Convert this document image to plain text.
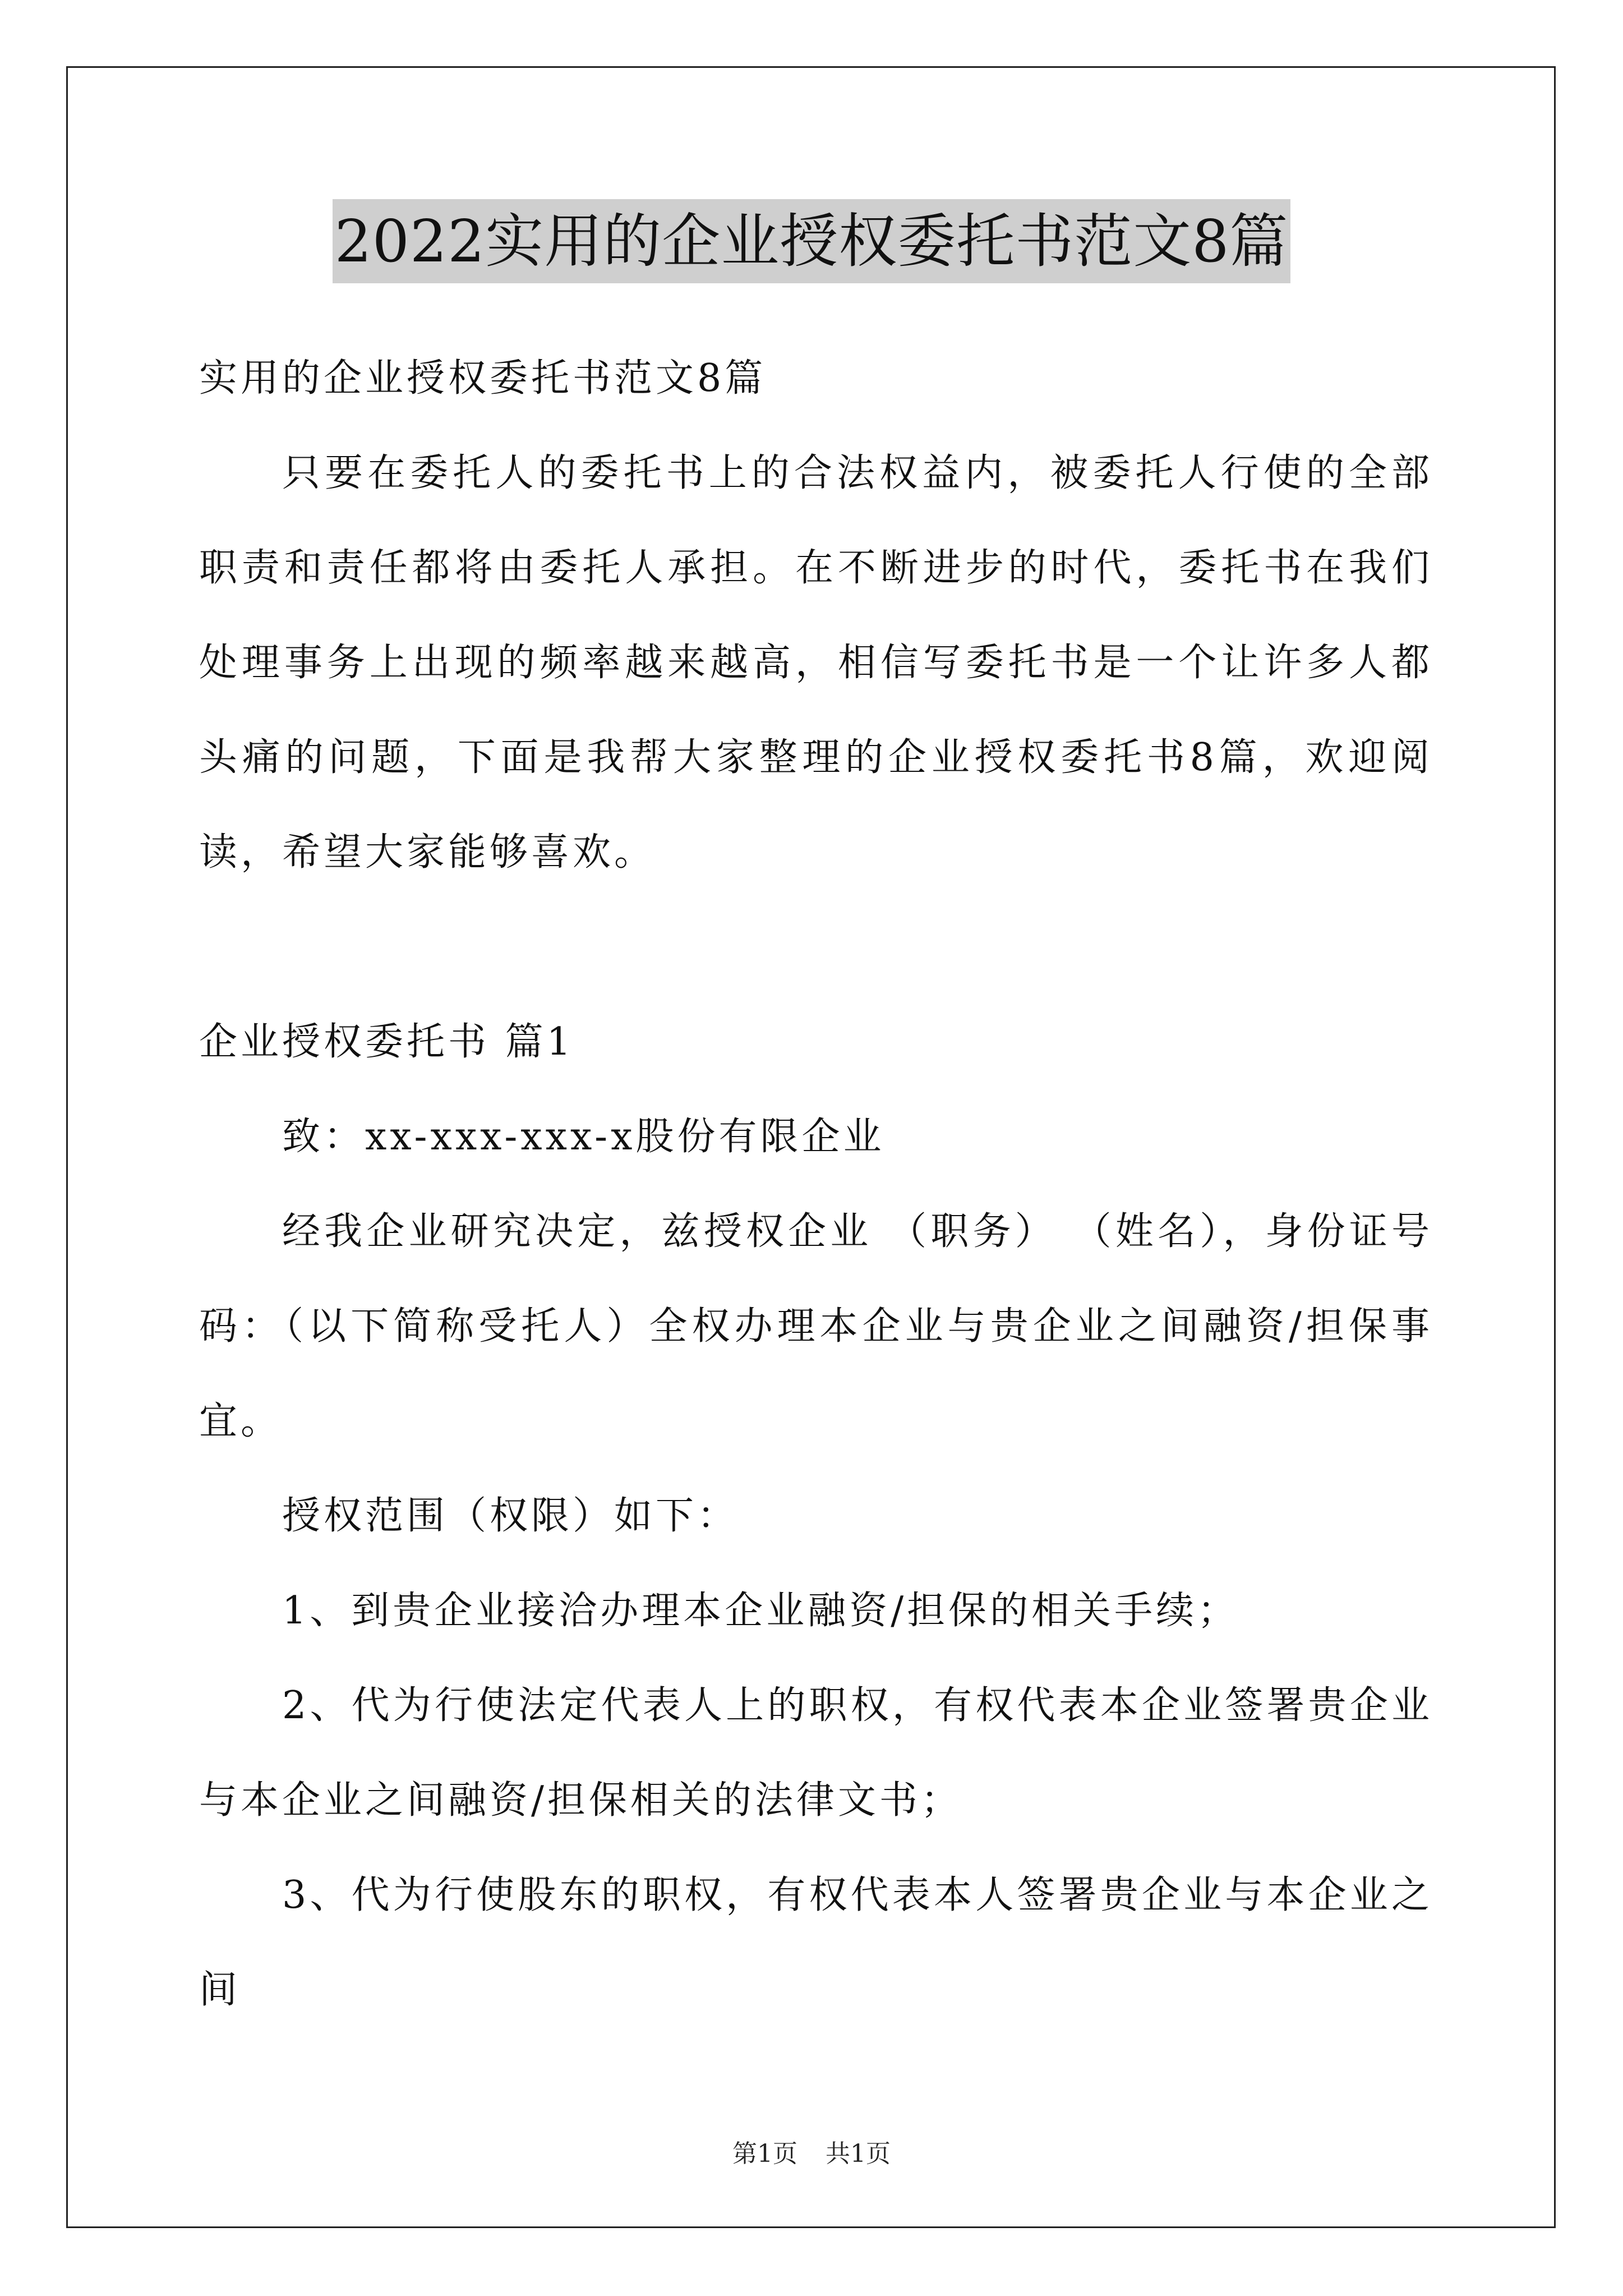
2022实用的企业授权委托书范文8篇

实用的企业授权委托书范文8篇

只要在委托人的委托书上的合法权益内，被委托人行使的全部职责和责任都将由委托人承担。在不断进步的时代，委托书在我们处理事务上出现的频率越来越高，相信写委托书是一个让许多人都头痛的问题，下面是我帮大家整理的企业授权委托书8篇，欢迎阅读，希望大家能够喜欢。

企业授权委托书 篇1

致：xx-xxx-xxx-x股份有限企业

经我企业研究决定，兹授权企业 （职务） （姓名），身份证号码：（以下简称受托人）全权办理本企业与贵企业之间融资/担保事宜。

授权范围（权限）如下：

1、到贵企业接洽办理本企业融资/担保的相关手续；

2、代为行使法定代表人上的职权，有权代表本企业签署贵企业与本企业之间融资/担保相关的法律文书；

3、代为行使股东的职权，有权代表本人签署贵企业与本企业之间

第1页 共1页
